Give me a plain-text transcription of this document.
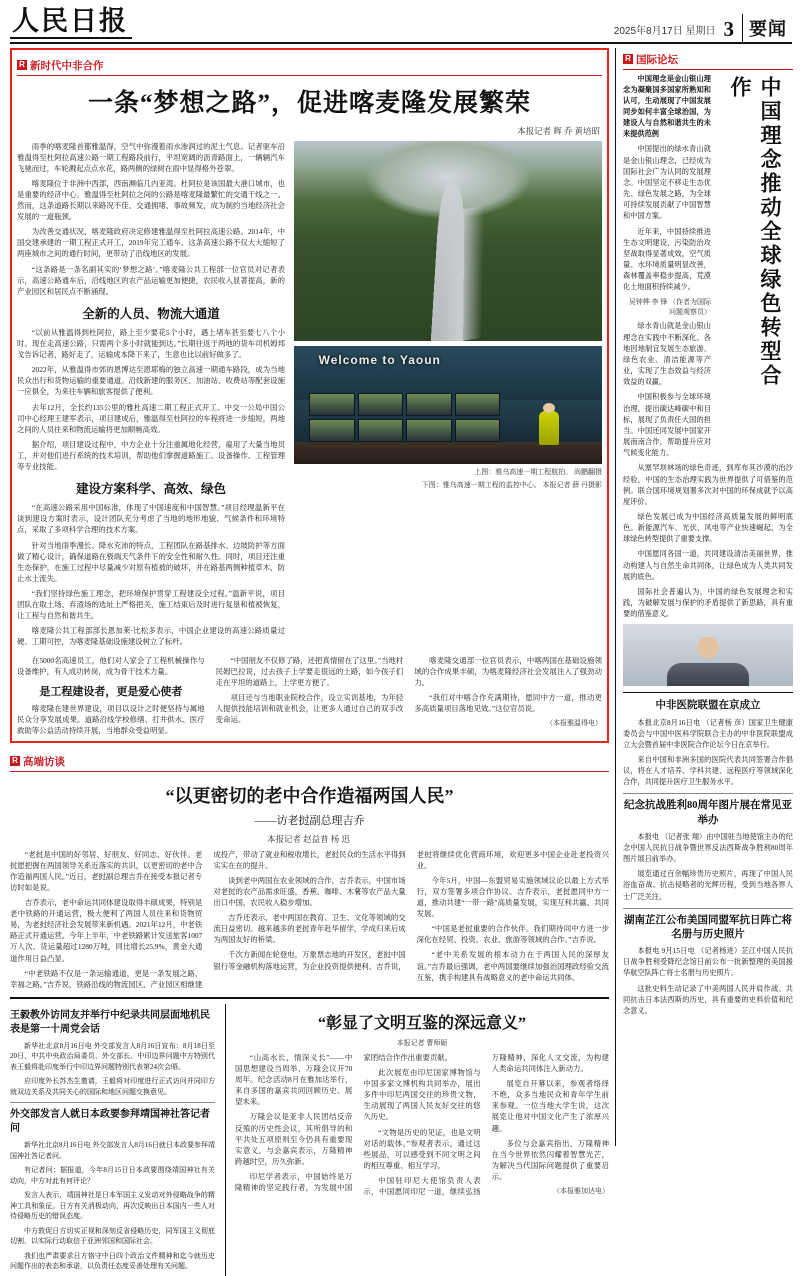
人民日报	2025年8月17日 星期日 3 要闻
R 新时代中非合作
一条“梦想之路”，促进喀麦隆发展繁荣
本报记者 辉 乔 黄培昭

雨季的喀麦隆首都雅温得，空气中弥漫着雨水渗润过的泥土气息。记者驱车沿雅温得至杜阿拉高速公路一期工程路段前行，平坦宽阔的沥青路面上，一辆辆汽车飞驰而过，车轮溅起点点水花，路两侧的绿树在雨中显得格外苍翠。

喀麦隆位于非洲中西部，西南濒临几内亚湾。杜阿拉是该国最大港口城市，也是重要的经济中心。雅温得至杜阿拉之间的公路是喀麦隆最繁忙的交通干线之一。然而，这条道路长期以来路况不佳、交通拥堵、事故频发，成为制约当地经济社会发展的一道瓶颈。

为改善交通状况，喀麦隆政府决定修建雅温得至杜阿拉高速公路。2014年，中国交建承建的一期工程正式开工，2019年完工通车。这条高速公路不仅大大缩短了两座城市之间的通行时间，更带动了沿线地区的发展。

“这条路是一条名副其实的‘梦想之路’。”喀麦隆公共工程部一位官员对记者表示，高速公路通车后，沿线地区的农产品运输更加便捷，农民收入显著提高，新的产业园区和居民点不断涌现。

全新的人员、物流大通道

“以前从雅温得到杜阿拉，路上至少要花5个小时，遇上堵车甚至要七八个小时。现在走高速公路，只需两个多小时就能到达。”长期往返于两地的货车司机姆邦戈告诉记者，路好走了，运输成本降下来了，生意也比以前好做多了。

2022年，从雅温得市郊的恩博达至恩耶梅的独立高速一期通车路段，成为当地民众出行和货物运输的重要通道。沿线新建的服务区、加油站、收费站等配套设施一应俱全，为来往车辆和旅客提供了便利。

去年12月，全长约135公里的雅杜高速二期工程正式开工。中交一公局中国公司中心经理王建军表示，项目建成后，雅温得至杜阿拉的车程将进一步缩短，两地之间的人员往来和物流运输将更加顺畅高效。

据介绍，项目建设过程中，中方企业十分注重属地化经营，雇用了大量当地员工，并对他们进行系统的技术培训，帮助他们掌握道路施工、设备操作、工程管理等专业技能。

建设方案科学、高效、绿色

“在高速公路采用中国标准，体现了中国速度和中国智慧。”项目经理温新平在谈到建设方案时表示，设计团队充分考虑了当地的地形地貌、气候条件和环境特点，采取了多项科学合理的技术方案。

针对当地雨季漫长、降水充沛的特点，工程团队在路基排水、边坡防护等方面做了精心设计，确保道路在极端天气条件下的安全性和耐久性。同时，项目还注重生态保护，在施工过程中尽量减少对原有植被的破坏，并在路基两侧种植草木，防止水土流失。

“我们坚持绿色施工理念，把环境保护贯穿工程建设全过程。”温新平说，项目团队在取土场、弃渣场的选址上严格把关，施工结束后及时进行复垦和植被恢复，让工程与自然和谐共生。

喀麦隆公共工程部部长恩加莱·比松多表示，中国企业建设的高速公路质量过硬、工期可控，为喀麦隆基础设施建设树立了标杆。

Welcome to Yaoun
上图：雅乌高速一期工程航拍。 尚鹏翻摄
下图：雅乌高速一期工程的监控中心。 本报记者 薛 丹摄影

在5000名高速员工，他们对人家会了工程机械操作与设备维护，有人成功转岗，成为骨干技术力量。

是工程建设者，更是爱心使者

喀麦隆在建世界建设，项目以设计之时便坚持与属地民众分享发展成果。道路沿线学校修缮、打井供水、医疗救助等公益活动持续开展，当地群众受益明显。

“中国朋友不仅修了路，还把真情留在了这里。”当地村民姆巴拉说，过去孩子上学要走很远的土路，如今孩子们走在平坦的道路上，上学更方便了。

项目还与当地职业院校合作，设立实训基地，为年轻人提供技能培训和就业机会，让更多人通过自己的双手改变命运。

喀麦隆交通部一位官员表示，中喀两国在基础设施领域的合作成果丰硕，为喀麦隆经济社会发展注入了强劲动力。

“我们对中喀合作充满期待，愿同中方一道，推动更多高质量项目落地见效。”这位官员说。

（本报雅温得电）
R 高端访谈
“以更密切的老中合作造福两国人民”
——访老挝副总理吉乔
本报记者 赵益普 杨 迅

“老挝是中国的好邻居、好朋友、好同志、好伙伴。老挝愿把握在两国领导关系近落实的共识，以更密切的老中合作造福两国人民。”近日，老挝副总理吉乔在接受本报记者专访时如是说。

吉乔表示，老中命运共同体建设取得丰硕成果，特别是老中铁路的开通运营，极大便利了两国人员往来和货物贸易，为老挝经济社会发展带来新机遇。2021年12月，中老铁路正式开通运营。今年上半年，中老铁路累计发送旅客1007万人次、货运量超过1280万吨，同比增长25.9%，黄金大通道作用日益凸显。

“中老铁路不仅是一条运输通道，更是一条发展之路、幸福之路。”吉乔说，铁路沿线的物流园区、产业园区相继建成投产，带动了就业和税收增长，老挝民众的生活水平得到实实在在的提升。

谈到老中两国在农业领域的合作，吉乔表示，中国市场对老挝的农产品需求旺盛，香蕉、咖啡、木薯等农产品大量出口中国，农民收入稳步增加。

吉乔还表示，老中两国在教育、卫生、文化等领域的交流日益密切。越来越多的老挝青年赴华留学，学成归来后成为两国友好的桥梁。

千次方新闻在轮登电，万象票志地的开发区，老挝中国银行等金融机构落地运营，为企业投资提供便利。吉乔说，老挝将继续优化营商环境，欢迎更多中国企业赴老投资兴业。

今年5月，中国—东盟贸易实施领域议论以最上方式举行，双方签署多项合作协议。吉乔表示，老挝愿同中方一道，推动共建“一带一路”高质量发展，实现互利共赢、共同发展。

“中国是老挝重要的合作伙伴。我们期待同中方进一步深化在经贸、投资、农业、旅游等领域的合作。”吉乔说。

“老中关系发展的根本动力在于两国人民的深厚友谊。”吉乔最后强调，老中两国要继续加强治国理政经验交流互鉴，携手构建具有战略意义的老中命运共同体。

王毅教外访同友并举行中纪录共同层面地机民表是第一十周党会话

新华社北京8月16日电 外交部发言人8月16日宣布：8月18日至20日，中共中央政治局委员、外交部长、中印边界问题中方特别代表王毅将赴印度举行中印边界问题特别代表第24次会晤。

应印度外长苏杰生邀请，王毅将对印度进行正式访问并同印方就双边关系及共同关心的国际和地区问题交换意见。

外交部发言人就日本政要参拜靖国神社答记者问

新华社北京8月16日电 外交部发言人8月16日就日本政要参拜靖国神社答记者问。

有记者问：据报道，今年8月15日日本政要围绕靖国神社有关动向，中方对此有何评论？

发言人表示，靖国神社是日本军国主义发动对外侵略战争的精神工具和象征。日方有关消极动向，再次反映出日本国内一些人对待侵略历史的错误态度。

中方敦促日方切实正视和深刻反省侵略历史，同军国主义彻底切割，以实际行动取信于亚洲邻国和国际社会。

我们也严肃要求日方恪守中日四个政治文件精神和迄今就历史问题作出的表态和承诺，以负责任态度妥善处理有关问题。

“彰显了文明互鉴的深远意义”
本报记者 曹师砺

“山高水长，情深义长”——中国思想建设当周举、万隆会议开70周年。纪念活动8月在雅加达举行，来自多国的嘉宾共同回顾历史、展望未来。

万隆会议是亚非人民团结反帝反殖的历史性会议，其所倡导的和平共处五项原则至今仍具有重要现实意义。与会嘉宾表示，万隆精神跨越时空，历久弥新。

印尼学者表示，中国始终是万隆精神的坚定践行者，为发展中国家团结合作作出重要贡献。

此次展览由印尼国家博物馆与中国多家文博机构共同举办，展出多件中印尼两国交往的珍贵文物，生动展现了两国人民友好交往的悠久历史。

“文物是历史的见证，也是文明对话的载体。”参观者表示，通过这些展品，可以感受到不同文明之间的相互尊重、相互学习。

中国驻印尼大使馆负责人表示，中国愿同印尼一道，继续弘扬万隆精神，深化人文交流，为构建人类命运共同体注入新动力。

展览自开幕以来，参观者络绎不绝，众多当地民众和青年学生前来参观。一位当地大学生说，这次展览让他对中国文化产生了浓厚兴趣。

多位与会嘉宾指出，万隆精神在当今世界依然闪耀着智慧光芒，为解决当代国际问题提供了重要启示。

（本报雅加达电）
R 国际论坛

中国理念是金山银山理念为凝聚国多国家所熟知和认可，生动展现了中国发展同步如何丰富全球治国，为建设人与自然和谐共生的未来提供范例

中国提出的绿水青山就是金山银山理念，已经成为国际社会广为认同的发展理念。中国坚定不移走生态优先、绿色发展之路，为全球可持续发展贡献了中国智慧和中国方案。

近年来，中国持续推进生态文明建设，污染防治攻坚战取得显著成效，空气质量、水环境质量明显改善，森林覆盖率稳步提高，荒漠化土地面积持续减少。

吴钟桦 李 锋 （作者为国际问题观察员）

绿水青山就是金山银山理念在实践中不断深化。各地因地制宜发展生态旅游、绿色农业、清洁能源等产业，实现了生态效益与经济效益的双赢。

中国积极参与全球环境治理，提出碳达峰碳中和目标，展现了负责任大国的担当。中国还同发展中国家开展南南合作，帮助提升应对气候变化能力。

中国理念推动全球绿色转型合作

从塞罕坝林场的绿色奇迹，到库布其沙漠的治沙经验，中国的生态治理实践为世界提供了可借鉴的范例。联合国环境规划署多次对中国的环保成就予以高度评价。

绿色发展已成为中国经济高质量发展的鲜明底色。新能源汽车、光伏、风电等产业快速崛起，为全球绿色转型提供了重要支撑。

中国愿同各国一道，共同建设清洁美丽世界，推动构建人与自然生命共同体，让绿色成为人类共同发展的底色。

国际社会普遍认为，中国的绿色发展理念和实践，为破解发展与保护的矛盾提供了新思路，具有重要的借鉴意义。

中非医院联盟在京成立

本报北京8月16日电 （记者杨 彦）国家卫生健康委员会与中国中医科学院联合主办的中非医院联盟成立大会暨首届中非医院合作论坛今日在京举行。

来自中国和非洲多国的医院代表共同签署合作倡议，将在人才培养、学科共建、远程医疗等领域深化合作，共同提升医疗卫生服务水平。

纪念抗战胜利80周年图片展在常见亚举办

本报电 （记者张 翔）由中国驻当地使馆主办的纪念中国人民抗日战争暨世界反法西斯战争胜利80周年图片展日前举办。

展览通过百余幅珍贵历史照片，再现了中国人民浴血奋战、抗击侵略者的光辉历程，受到当地各界人士广泛关注。

湖南芷江公布美国同盟军抗日阵亡将名册与历史照片

本报电 9月15日电 （记者杨进）芷江中国人民抗日战争胜利受降纪念馆日前公布一批新整理的美国援华航空队阵亡将士名册与历史照片。

这批史料生动记录了中美两国人民并肩作战、共同抗击日本法西斯的历史，具有重要的史料价值和纪念意义。
